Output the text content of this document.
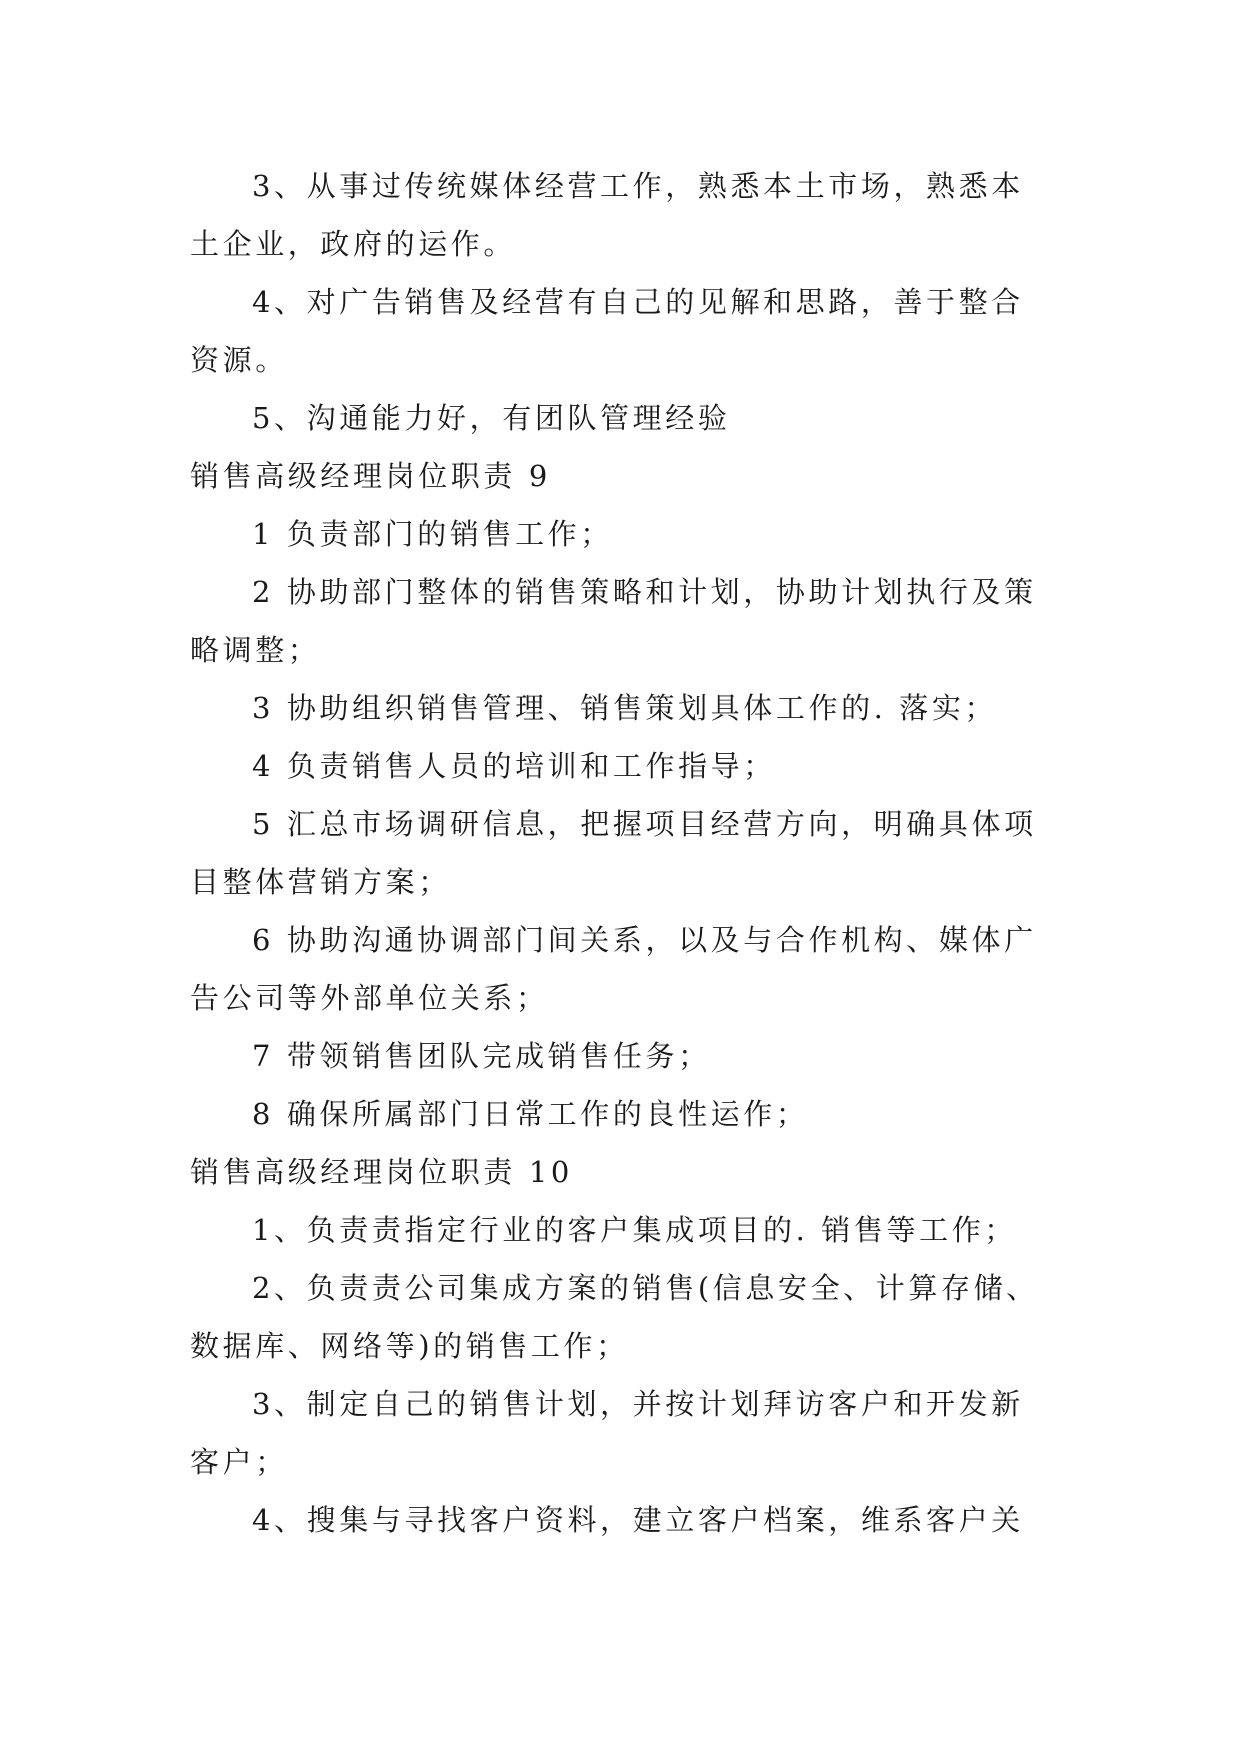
3、从事过传统媒体经营工作，熟悉本土市场，熟悉本
土企业，政府的运作。
4、对广告销售及经营有自己的见解和思路，善于整合
资源。
5、沟通能力好，有团队管理经验
销售高级经理岗位职责 9
1 负责部门的销售工作；
2 协助部门整体的销售策略和计划，协助计划执行及策
略调整；
3 协助组织销售管理、销售策划具体工作的. 落实；
4 负责销售人员的培训和工作指导；
5 汇总市场调研信息，把握项目经营方向，明确具体项
目整体营销方案；
6 协助沟通协调部门间关系，以及与合作机构、媒体广
告公司等外部单位关系；
7 带领销售团队完成销售任务；
8 确保所属部门日常工作的良性运作；
销售高级经理岗位职责 10
1、负责责指定行业的客户集成项目的. 销售等工作；
2、负责责公司集成方案的销售(信息安全、计算存储、
数据库、网络等)的销售工作；
3、制定自己的销售计划，并按计划拜访客户和开发新
客户；
4、搜集与寻找客户资料，建立客户档案，维系客户关
